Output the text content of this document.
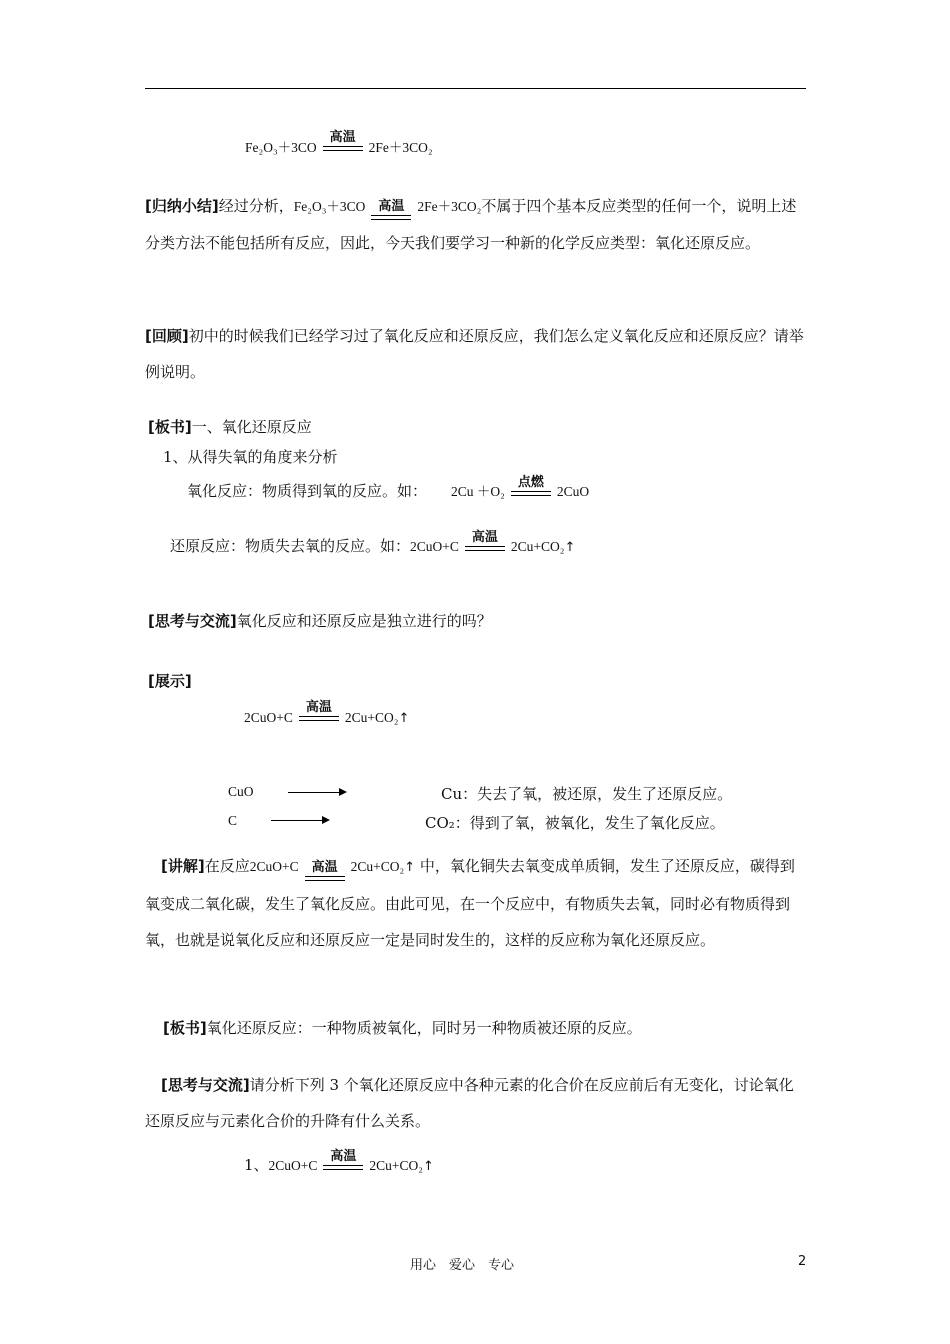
Fe₂O₃＋3CO
高温
2Fe＋3CO₂
[归纳小结]经过分析，Fe₂O₃＋3CO 高温 2Fe＋3CO₂不属于四个基本反应类型的任何一个，说明上述分类方法不能包括所有反应，因此，今天我们要学习一种新的化学反应类型：氧化还原反应。
[回顾]初中的时候我们已经学习过了氧化反应和还原反应，我们怎么定义氧化反应和还原反应？请举例说明。
[板书]一、氧化还原反应
1、从得失氧的角度来分析
氧化反应：物质得到氧的反应。如： 2Cu ＋O₂
点燃
2CuO
还原反应：物质失去氧的反应。如：2CuO+C
高温
2Cu+CO₂↑
[思考与交流]氧化反应和还原反应是独立进行的吗？
[展示]
2CuO+C
高温
2Cu+CO₂↑
CuO	Cu：失去了氧，被还原，发生了还原反应。
C	CO₂：得到了氧，被氧化，发生了氧化反应。
[讲解]在反应2CuO+C 高温 2Cu+CO₂↑ 中，氧化铜失去氧变成单质铜，发生了还原反应，碳得到氧变成二氧化碳，发生了氧化反应。由此可见，在一个反应中，有物质失去氧，同时必有物质得到氧，也就是说氧化反应和还原反应一定是同时发生的，这样的反应称为氧化还原反应。
[板书]氧化还原反应：一种物质被氧化，同时另一种物质被还原的反应。
[思考与交流]请分析下列 3 个氧化还原反应中各种元素的化合价在反应前后有无变化，讨论氧化还原反应与元素化合价的升降有什么关系。
1、2CuO+C
高温
2Cu+CO₂↑
用心　爱心　专心	2
